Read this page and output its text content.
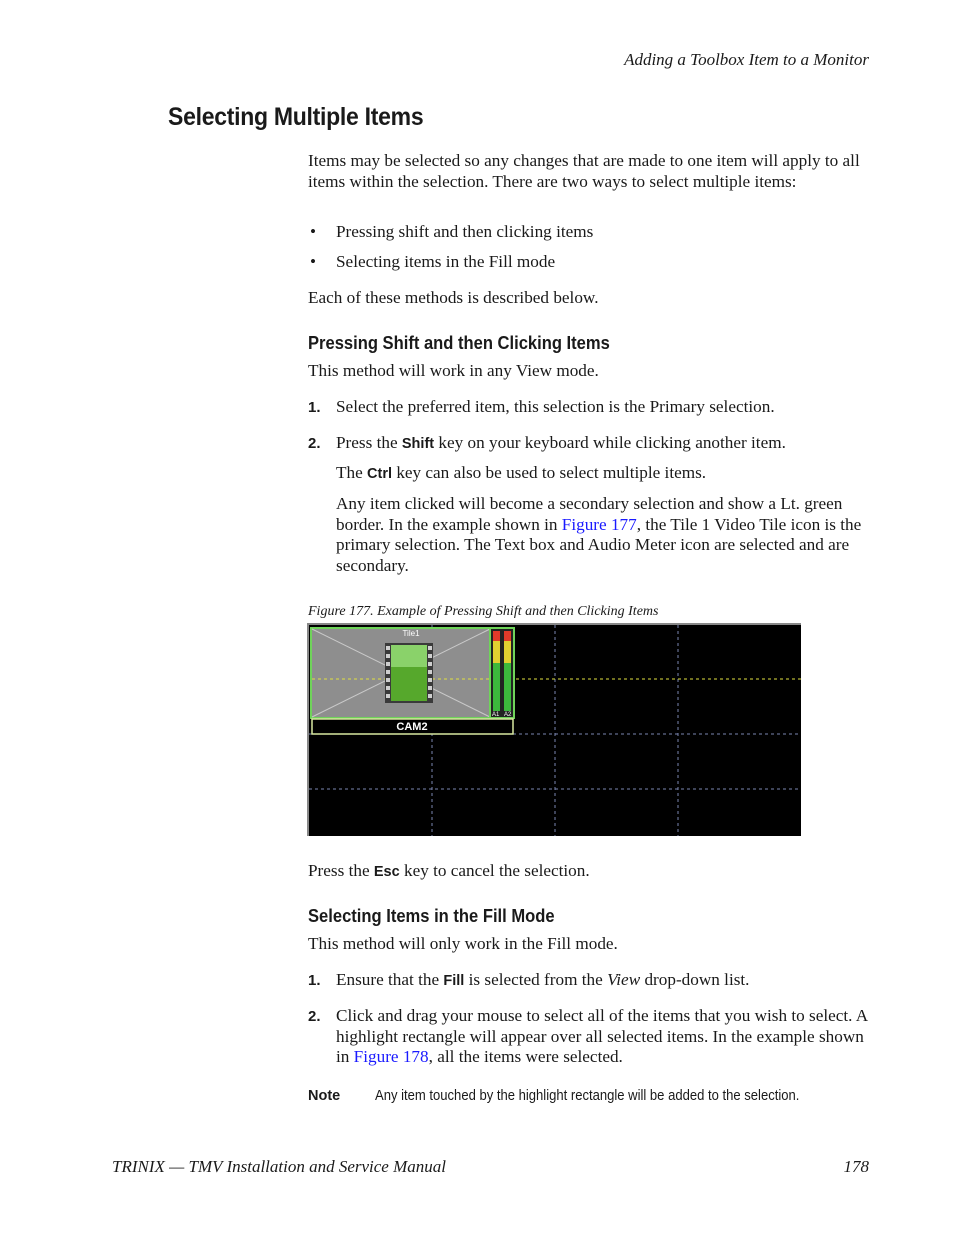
Adding a Toolbox Item to a Monitor
Selecting Multiple Items
Items may be selected so any changes that are made to one item will apply to all items within the selection. There are two ways to select multiple items:
• Pressing shift and then clicking items
• Selecting items in the Fill mode
Each of these methods is described below.
Pressing Shift and then Clicking Items
This method will work in any View mode.
1. Select the preferred item, this selection is the Primary selection.
2. Press the Shift key on your keyboard while clicking another item.
The Ctrl key can also be used to select multiple items.
Any item clicked will become a secondary selection and show a Lt. green border. In the example shown in Figure 177, the Tile 1 Video Tile icon is the primary selection. The Text box and Audio Meter icon are selected and are secondary.
Figure 177. Example of Pressing Shift and then Clicking Items
Tile1
A1 A2
CAM2
Press the Esc key to cancel the selection.
Selecting Items in the Fill Mode
This method will only work in the Fill mode.
1. Ensure that the Fill is selected from the View drop-down list.
2. Click and drag your mouse to select all of the items that you wish to select. A highlight rectangle will appear over all selected items. In the example shown in Figure 178, all the items were selected.
Note Any item touched by the highlight rectangle will be added to the selection.
TRINIX — TMV Installation and Service Manual	178
